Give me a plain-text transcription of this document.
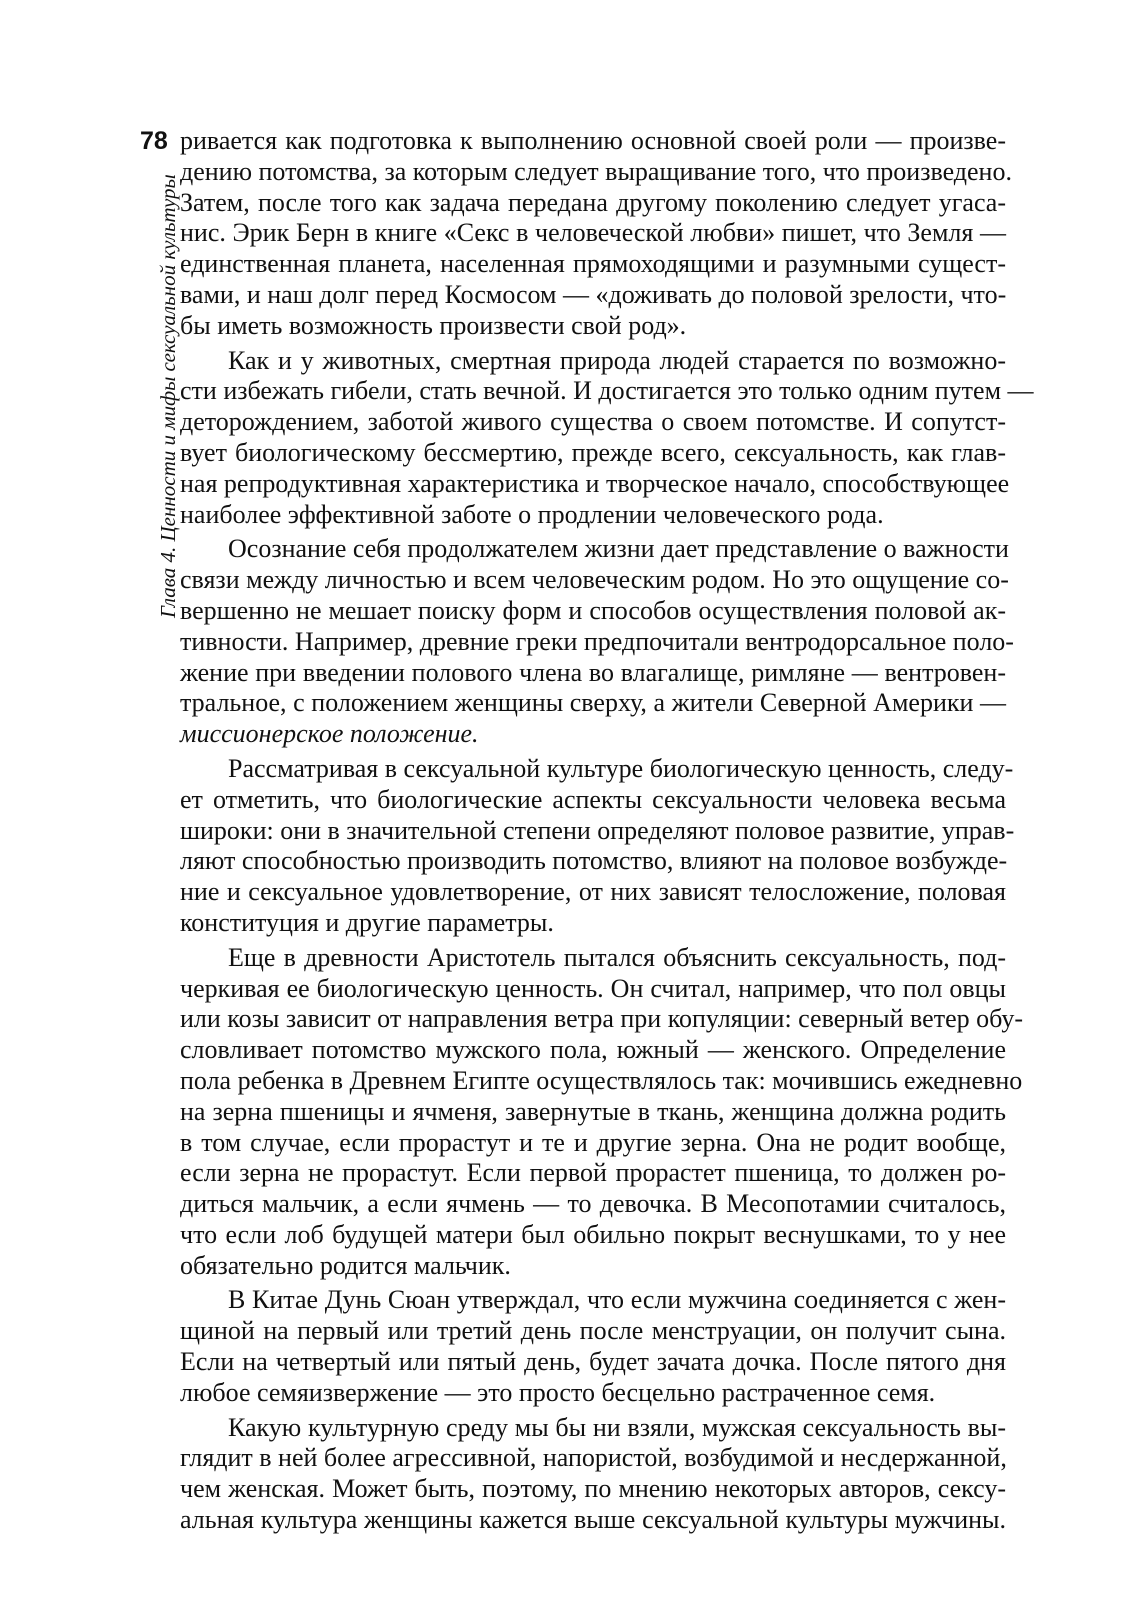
78
Глава 4. Ценности и мифы сексуальной культуры

ривается как подготовка к выполнению основной своей роли — произве-
дению потомства, за которым следует выращивание того, что произведено.
Затем, после того как задача передана другому поколению следует угаса-
нис. Эрик Берн в книге «Секс в человеческой любви» пишет, что Земля —
единственная планета, населенная прямоходящими и разумными сущест-
вами, и наш долг перед Космосом — «доживать до половой зрелости, что-
бы иметь возможность произвести свой род».

Как и у животных, смертная природа людей старается по возможно-
сти избежать гибели, стать вечной. И достигается это только одним путем —
деторождением, заботой живого существа о своем потомстве. И сопутст-
вует биологическому бессмертию, прежде всего, сексуальность, как глав-
ная репродуктивная характеристика и творческое начало, способствующее
наиболее эффективной заботе о продлении человеческого рода.

Осознание себя продолжателем жизни дает представление о важности
связи между личностью и всем человеческим родом. Но это ощущение со-
вершенно не мешает поиску форм и способов осуществления половой ак-
тивности. Например, древние греки предпочитали вентродорсальное поло-
жение при введении полового члена во влагалище, римляне — вентровен-
тральное, с положением женщины сверху, а жители Северной Америки —
миссионерское положение.

Рассматривая в сексуальной культуре биологическую ценность, следу-
ет отметить, что биологические аспекты сексуальности человека весьма
широки: они в значительной степени определяют половое развитие, управ-
ляют способностью производить потомство, влияют на половое возбужде-
ние и сексуальное удовлетворение, от них зависят телосложение, половая
конституция и другие параметры.

Еще в древности Аристотель пытался объяснить сексуальность, под-
черкивая ее биологическую ценность. Он считал, например, что пол овцы
или козы зависит от направления ветра при копуляции: северный ветер обу-
словливает потомство мужского пола, южный — женского. Определение
пола ребенка в Древнем Египте осуществлялось так: мочившись ежедневно
на зерна пшеницы и ячменя, завернутые в ткань, женщина должна родить
в том случае, если прорастут и те и другие зерна. Она не родит вообще,
если зерна не прорастут. Если первой прорастет пшеница, то должен ро-
диться мальчик, а если ячмень — то девочка. В Месопотамии считалось,
что если лоб будущей матери был обильно покрыт веснушками, то у нее
обязательно родится мальчик.

В Китае Дунь Сюан утверждал, что если мужчина соединяется с жен-
щиной на первый или третий день после менструации, он получит сына.
Если на четвертый или пятый день, будет зачата дочка. После пятого дня
любое семяизвержение — это просто бесцельно растраченное семя.

Какую культурную среду мы бы ни взяли, мужская сексуальность вы-
глядит в ней более агрессивной, напористой, возбудимой и несдержанной,
чем женская. Может быть, поэтому, по мнению некоторых авторов, сексу-
альная культура женщины кажется выше сексуальной культуры мужчины.
